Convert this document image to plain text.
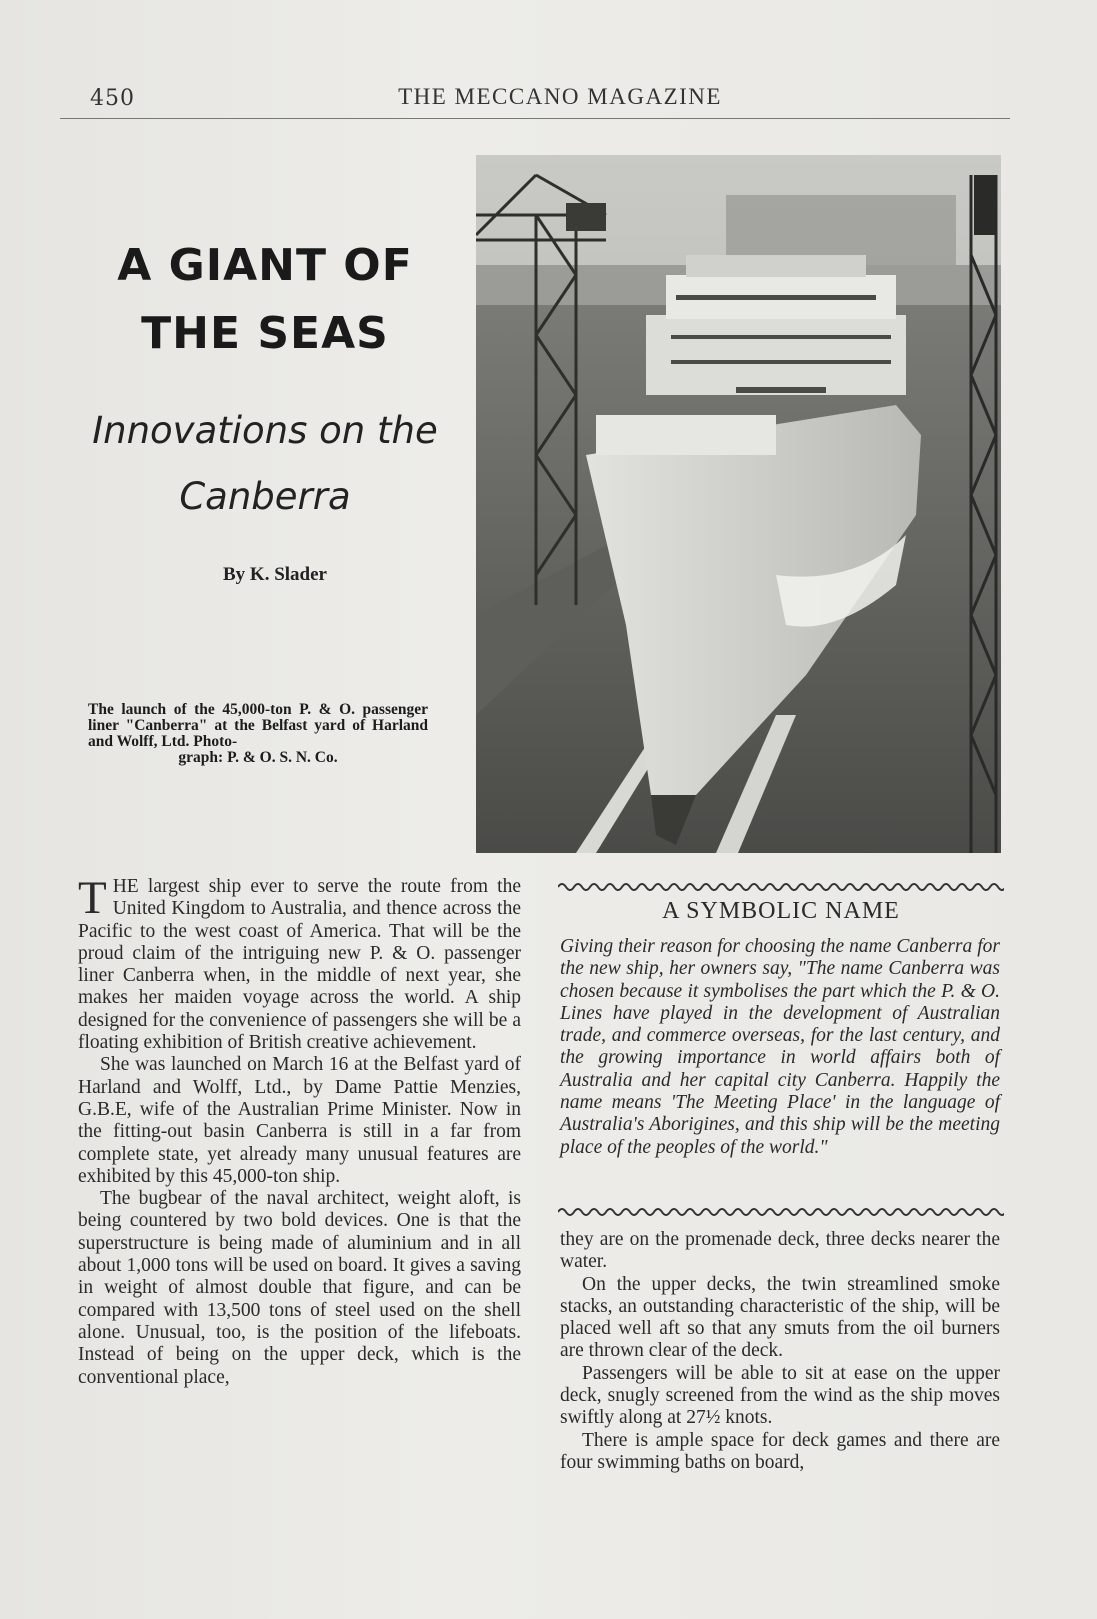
450	THE MECCANO MAGAZINE
A GIANT OF THE SEAS
Innovations on the Canberra
By K. Slader
The launch of the 45,000-ton P. & O. passenger liner "Canberra" at the Belfast yard of Harland and Wolff, Ltd. Photo-
graph: P. & O. S. N. Co.

THE largest ship ever to serve the route from the United Kingdom to Australia, and thence across the Pacific to the west coast of America. That will be the proud claim of the intriguing new P. & O. passenger liner Canberra when, in the middle of next year, she makes her maiden voyage across the world. A ship designed for the convenience of passengers she will be a floating exhibition of British creative achievement.

She was launched on March 16 at the Belfast yard of Harland and Wolff, Ltd., by Dame Pattie Menzies, G.B.E, wife of the Australian Prime Minister. Now in the fitting-out basin Canberra is still in a far from complete state, yet already many unusual features are exhibited by this 45,000-ton ship.

The bugbear of the naval architect, weight aloft, is being countered by two bold devices. One is that the superstructure is being made of aluminium and in all about 1,000 tons will be used on board. It gives a saving in weight of almost double that figure, and can be compared with 13,500 tons of steel used on the shell alone. Unusual, too, is the position of the lifeboats. Instead of being on the upper deck, which is the conventional place,

A SYMBOLIC NAME
Giving their reason for choosing the name Canberra for the new ship, her owners say, "The name Canberra was chosen because it symbolises the part which the P. & O. Lines have played in the development of Australian trade, and commerce overseas, for the last century, and the growing importance in world affairs both of Australia and her capital city Canberra. Happily the name means 'The Meeting Place' in the language of Australia's Aborigines, and this ship will be the meeting place of the peoples of the world."

they are on the promenade deck, three decks nearer the water.

On the upper decks, the twin streamlined smoke stacks, an outstanding characteristic of the ship, will be placed well aft so that any smuts from the oil burners are thrown clear of the deck.

Passengers will be able to sit at ease on the upper deck, snugly screened from the wind as the ship moves swiftly along at 27½ knots.

There is ample space for deck games and there are four swimming baths on board,
